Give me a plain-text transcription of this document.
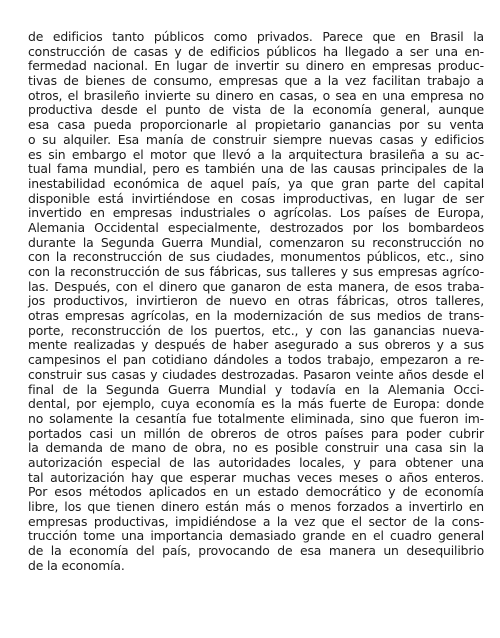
de edificios tanto públicos como privados. Parece que en Brasil la
construcción de casas y de edificios públicos ha llegado a ser una en-
fermedad nacional. En lugar de invertir su dinero en empresas produc-
tivas de bienes de consumo, empresas que a la vez facilitan trabajo a
otros, el brasileño invierte su dinero en casas, o sea en una empresa no
productiva desde el punto de vista de la economía general, aunque
esa casa pueda proporcionarle al propietario ganancias por su venta
o su alquiler. Esa manía de construir siempre nuevas casas y edificios
es sin embargo el motor que llevó a la arquitectura brasileña a su ac-
tual fama mundial, pero es también una de las causas principales de la
inestabilidad económica de aquel país, ya que gran parte del capital
disponible está invirtiéndose en cosas improductivas, en lugar de ser
invertido en empresas industriales o agrícolas. Los países de Europa,
Alemania Occidental especialmente, destrozados por los bombardeos
durante la Segunda Guerra Mundial, comenzaron su reconstrucción no
con la reconstrucción de sus ciudades, monumentos públicos, etc., sino
con la reconstrucción de sus fábricas, sus talleres y sus empresas agríco-
las. Después, con el dinero que ganaron de esta manera, de esos traba-
jos productivos, invirtieron de nuevo en otras fábricas, otros talleres,
otras empresas agrícolas, en la modernización de sus medios de trans-
porte, reconstrucción de los puertos, etc., y con las ganancias nueva-
mente realizadas y después de haber asegurado a sus obreros y a sus
campesinos el pan cotidiano dándoles a todos trabajo, empezaron a re-
construir sus casas y ciudades destrozadas. Pasaron veinte años desde el
final de la Segunda Guerra Mundial y todavía en la Alemania Occi-
dental, por ejemplo, cuya economía es la más fuerte de Europa: donde
no solamente la cesantía fue totalmente eliminada, sino que fueron im-
portados casi un millón de obreros de otros países para poder cubrir
la demanda de mano de obra, no es posible construir una casa sin la
autorización especial de las autoridades locales, y para obtener una
tal autorización hay que esperar muchas veces meses o años enteros.
Por esos métodos aplicados en un estado democrático y de economía
libre, los que tienen dinero están más o menos forzados a invertirlo en
empresas productivas, impidiéndose a la vez que el sector de la cons-
trucción tome una importancia demasiado grande en el cuadro general
de la economía del país, provocando de esa manera un desequilibrio
de la economía.
